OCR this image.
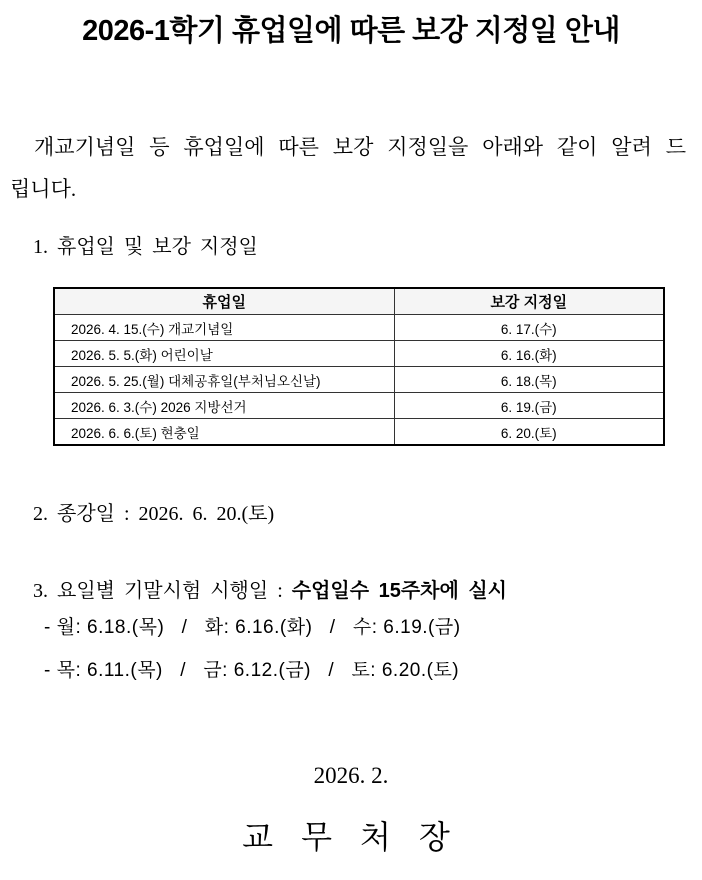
2026-1학기 휴업일에 따른 보강 지정일 안내
개교기념일 등 휴업일에 따른 보강 지정일을 아래와 같이 알려 드립니다.
1. 휴업일 및 보강 지정일
휴업일	보강 지정일
2026. 4. 15.(수) 개교기념일	6. 17.(수)
2026. 5. 5.(화) 어린이날	6. 16.(화)
2026. 5. 25.(월) 대체공휴일(부처님오신날)	6. 18.(목)
2026. 6. 3.(수) 2026 지방선거	6. 19.(금)
2026. 6. 6.(토) 현충일	6. 20.(토)
2. 종강일 : 2026. 6. 20.(토)
3. 요일별 기말시험 시행일 : 수업일수 15주차에 실시
- 월: 6.18.(목)   /   화: 6.16.(화)   /   수: 6.19.(금)
- 목: 6.11.(목)   /   금: 6.12.(금)   /   토: 6.20.(토)
2026. 2.
교 무 처 장
